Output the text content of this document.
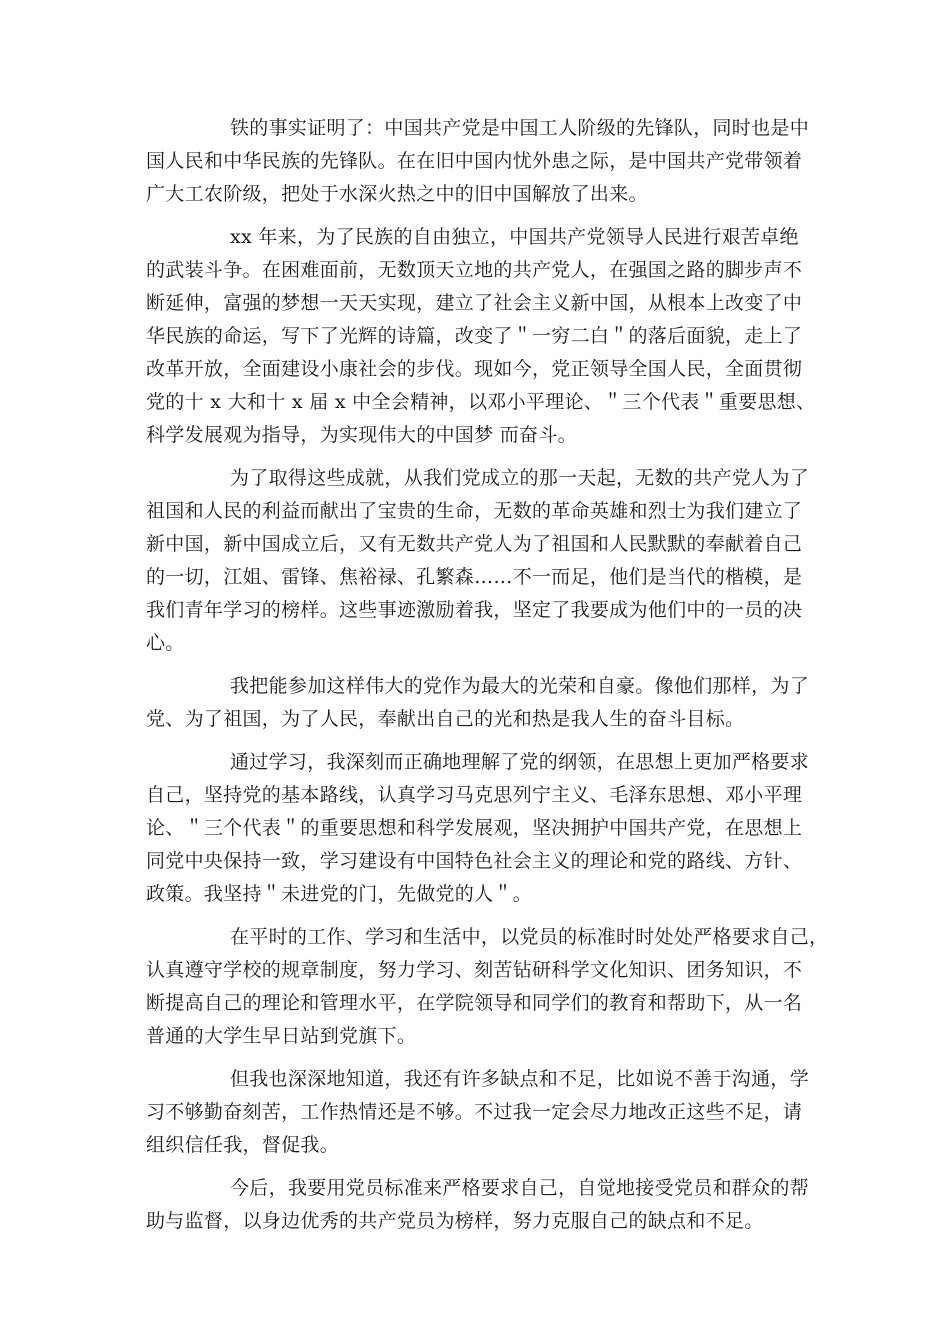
铁的事实证明了：中国共产党是中国工人阶级的先锋队，同时也是中
国人民和中华民族的先锋队。在在旧中国内忧外患之际，是中国共产党带领着
广大工农阶级，把处于水深火热之中的旧中国解放了出来。
xx 年来，为了民族的自由独立，中国共产党领导人民进行艰苦卓绝
的武装斗争。在困难面前，无数顶天立地的共产党人，在强国之路的脚步声不
断延伸，富强的梦想一天天实现，建立了社会主义新中国，从根本上改变了中
华民族的命运，写下了光辉的诗篇，改变了＂一穷二白＂的落后面貌，走上了
改革开放，全面建设小康社会的步伐。现如今，党正领导全国人民，全面贯彻
党的十 x 大和十 x 届 x 中全会精神，以邓小平理论、＂三个代表＂重要思想、
科学发展观为指导，为实现伟大的中国梦 而奋斗。
为了取得这些成就，从我们党成立的那一天起，无数的共产党人为了
祖国和人民的利益而献出了宝贵的生命，无数的革命英雄和烈士为我们建立了
新中国，新中国成立后，又有无数共产党人为了祖国和人民默默的奉献着自己
的一切，江姐、雷锋、焦裕禄、孔繁森……不一而足，他们是当代的楷模，是
我们青年学习的榜样。这些事迹激励着我，坚定了我要成为他们中的一员的决
心。
我把能参加这样伟大的党作为最大的光荣和自豪。像他们那样，为了
党、为了祖国，为了人民，奉献出自己的光和热是我人生的奋斗目标。
通过学习，我深刻而正确地理解了党的纲领，在思想上更加严格要求
自己，坚持党的基本路线，认真学习马克思列宁主义、毛泽东思想、邓小平理
论、＂三个代表＂的重要思想和科学发展观，坚决拥护中国共产党，在思想上
同党中央保持一致，学习建设有中国特色社会主义的理论和党的路线、方针、
政策。我坚持＂未进党的门，先做党的人＂。
在平时的工作、学习和生活中，以党员的标准时时处处严格要求自己，
认真遵守学校的规章制度，努力学习、刻苦钻研科学文化知识、团务知识，不
断提高自己的理论和管理水平，在学院领导和同学们的教育和帮助下，从一名
普通的大学生早日站到党旗下。
但我也深深地知道，我还有许多缺点和不足，比如说不善于沟通，学
习不够勤奋刻苦，工作热情还是不够。不过我一定会尽力地改正这些不足，请
组织信任我，督促我。
今后，我要用党员标准来严格要求自己，自觉地接受党员和群众的帮
助与监督，以身边优秀的共产党员为榜样，努力克服自己的缺点和不足。
